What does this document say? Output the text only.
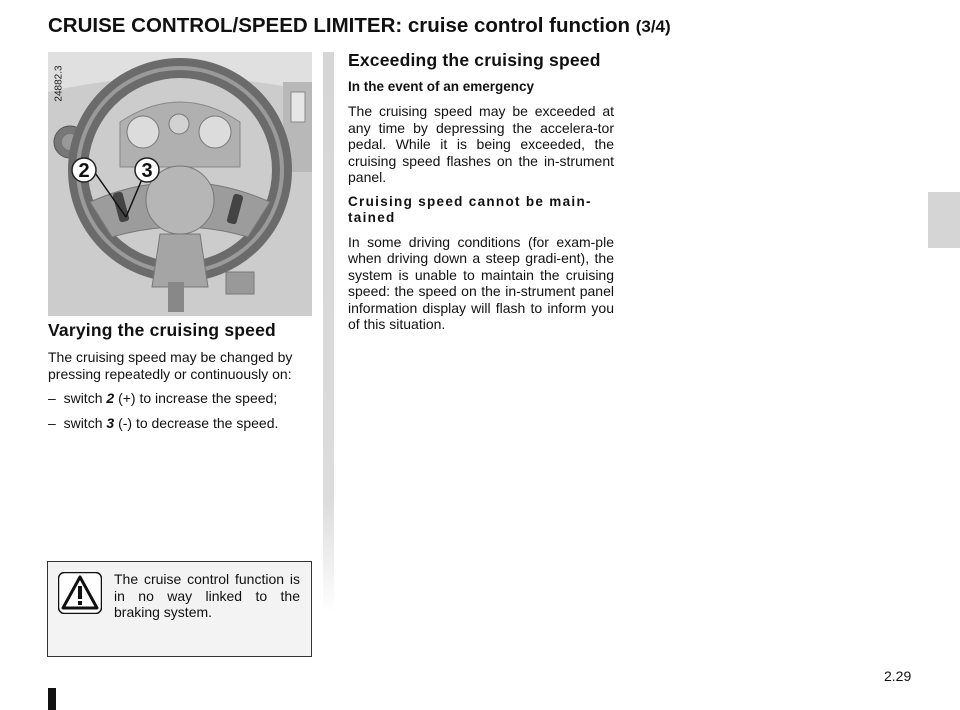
CRUISE CONTROL/SPEED LIMITER: cruise control function (3/4)
2	3
24882.3
Varying the cruising speed

The cruising speed may be changed by pressing repeatedly or continuously on:

– switch 2 (+) to increase the speed;
– switch 3 (-) to decrease the speed.
Exceeding the cruising speed

In the event of an emergency

The cruising speed may be exceeded at any time by depressing the accelera-tor pedal. While it is being exceeded, the cruising speed flashes on the in-strument panel.

Cruising speed cannot be main-tained

In some driving conditions (for exam-ple when driving down a steep gradi-ent), the system is unable to maintain the cruising speed: the speed on the in-strument panel information display will flash to inform you of this situation.

The cruise control function is in no way linked to the braking system.

2.29
